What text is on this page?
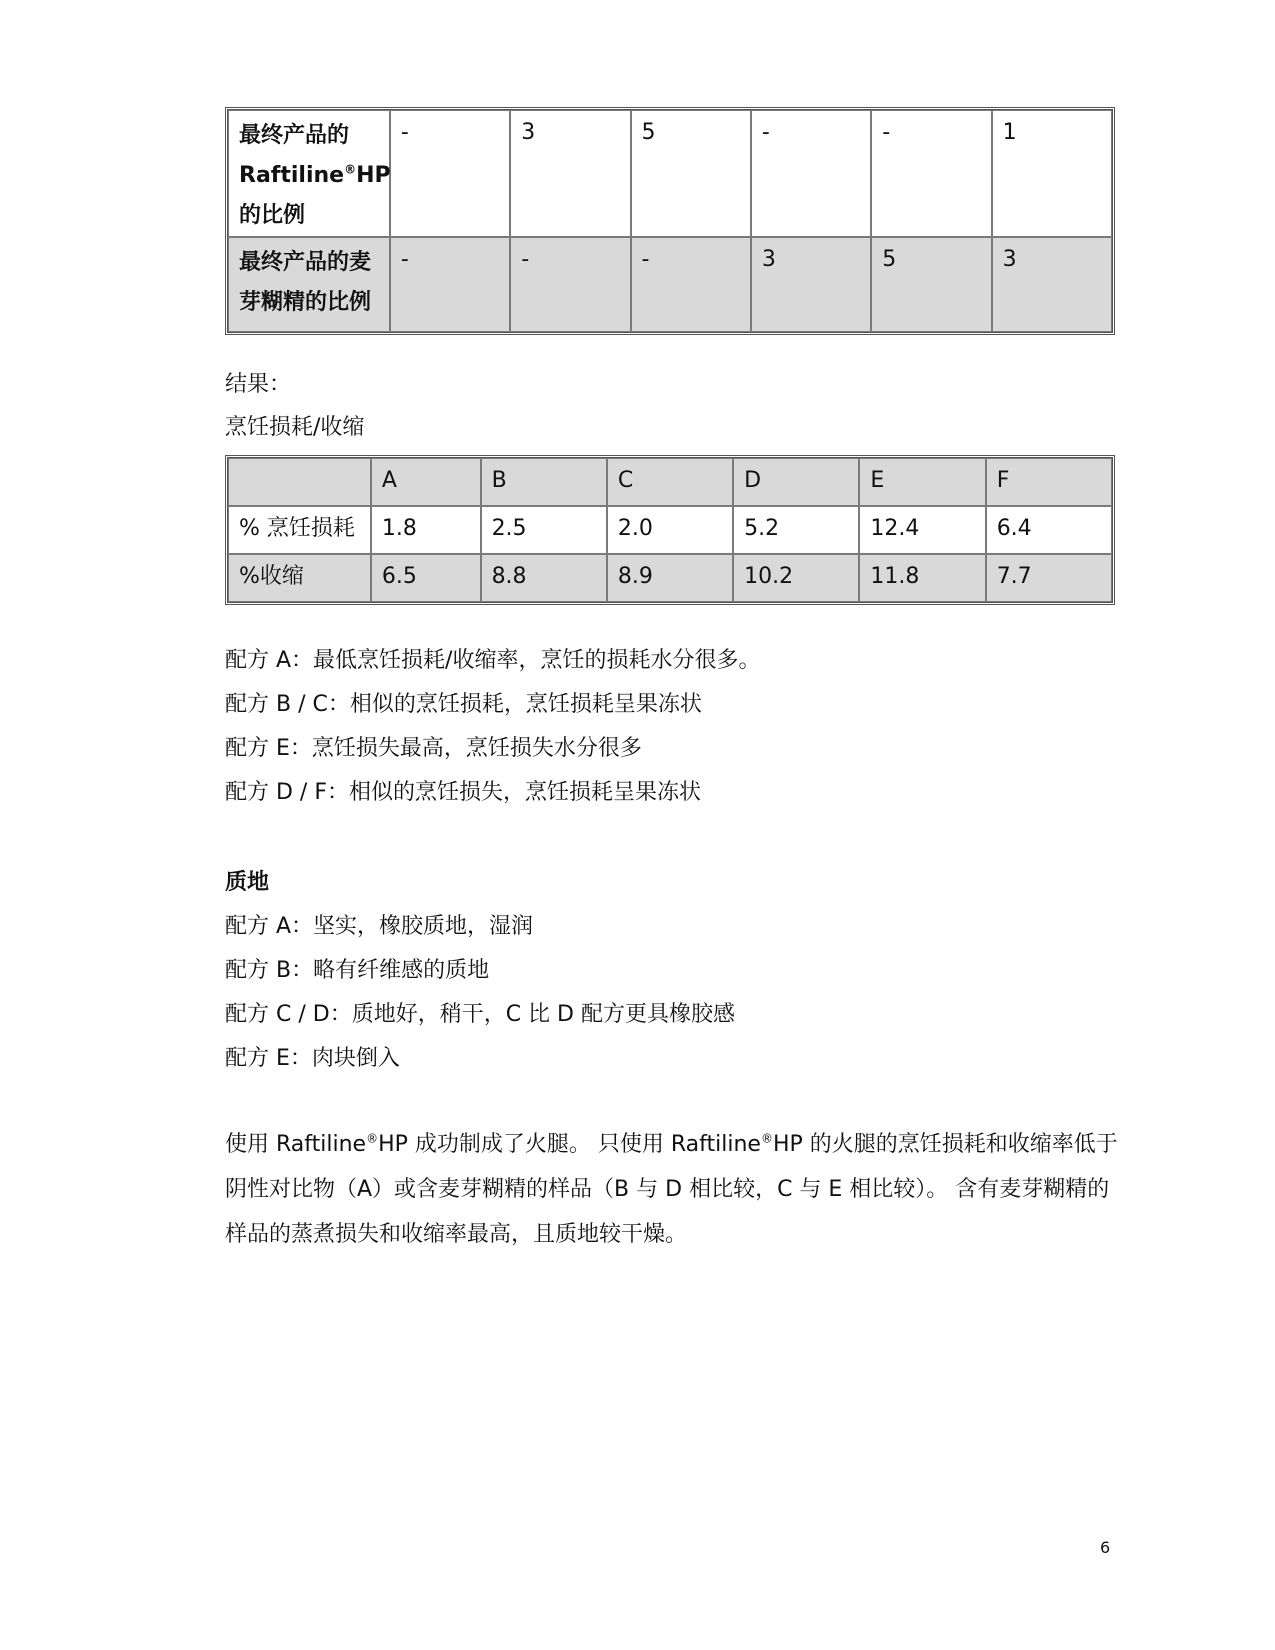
最终产品的Raftiline®HP的比例	-	3	5	-	-	1
最终产品的麦芽糊精的比例	-	-	-	3	5	3
结果：
烹饪损耗/收缩
	A	B	C	D	E	F
% 烹饪损耗	1.8	2.5	2.0	5.2	12.4	6.4
%收缩	6.5	8.8	8.9	10.2	11.8	7.7
配方 A：最低烹饪损耗/收缩率，烹饪的损耗水分很多。
配方 B / C：相似的烹饪损耗，烹饪损耗呈果冻状
配方 E：烹饪损失最高，烹饪损失水分很多
配方 D / F：相似的烹饪损失，烹饪损耗呈果冻状
质地
配方 A：坚实，橡胶质地，湿润
配方 B：略有纤维感的质地
配方 C / D：质地好，稍干，C 比 D 配方更具橡胶感
配方 E：肉块倒入
使用 Raftiline®HP 成功制成了火腿。 只使用 Raftiline®HP 的火腿的烹饪损耗和收缩率低于阴性对比物（A）或含麦芽糊精的样品（B 与 D 相比较，C 与 E 相比较）。 含有麦芽糊精的样品的蒸煮损失和收缩率最高，且质地较干燥。
6
